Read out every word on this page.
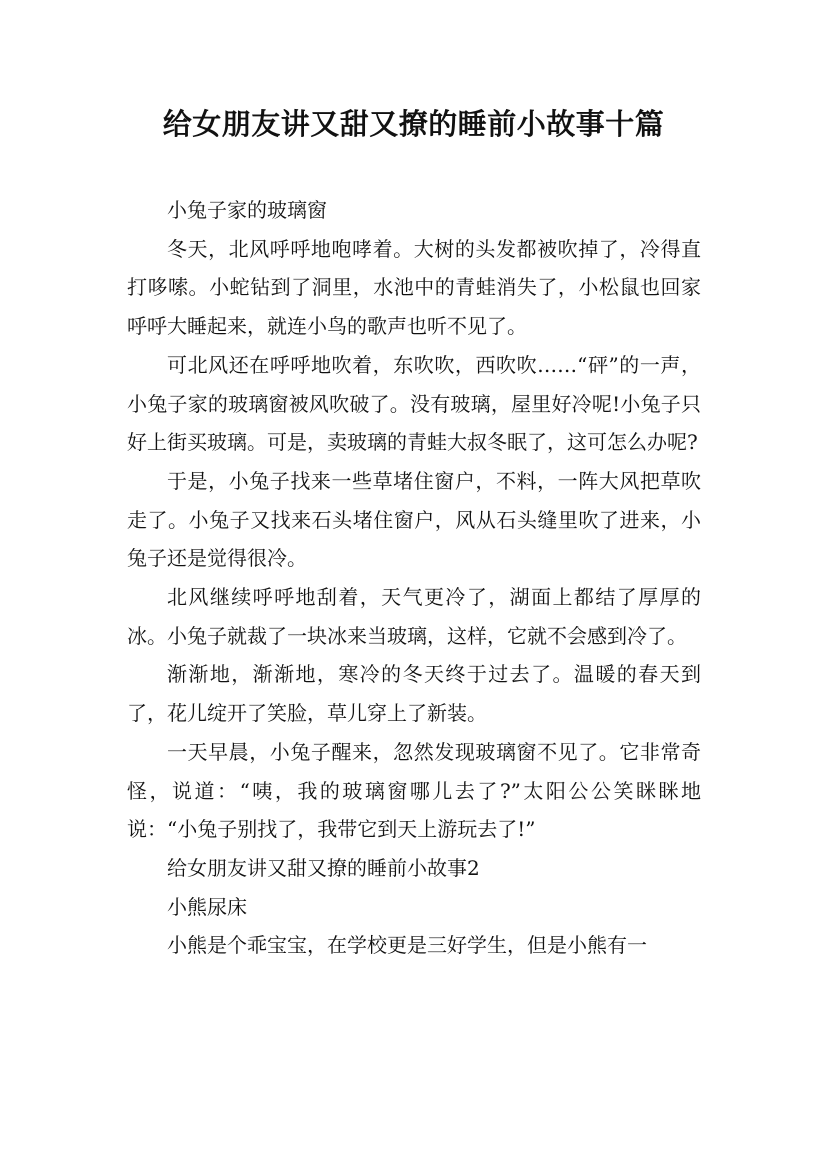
给女朋友讲又甜又撩的睡前小故事十篇

小兔子家的玻璃窗

冬天，北风呼呼地咆哮着。大树的头发都被吹掉了，冷得直打哆嗦。小蛇钻到了洞里，水池中的青蛙消失了，小松鼠也回家呼呼大睡起来，就连小鸟的歌声也听不见了。

可北风还在呼呼地吹着，东吹吹，西吹吹……“砰”的一声，小兔子家的玻璃窗被风吹破了。没有玻璃，屋里好冷呢!小兔子只好上街买玻璃。可是，卖玻璃的青蛙大叔冬眠了，这可怎么办呢?

于是，小兔子找来一些草堵住窗户，不料，一阵大风把草吹走了。小兔子又找来石头堵住窗户，风从石头缝里吹了进来，小兔子还是觉得很冷。

北风继续呼呼地刮着，天气更冷了，湖面上都结了厚厚的冰。小兔子就裁了一块冰来当玻璃，这样，它就不会感到冷了。

渐渐地，渐渐地，寒冷的冬天终于过去了。温暖的春天到了，花儿绽开了笑脸，草儿穿上了新装。

一天早晨，小兔子醒来，忽然发现玻璃窗不见了。它非常奇怪，说道：“咦，我的玻璃窗哪儿去了?”太阳公公笑眯眯地说：“小兔子别找了，我带它到天上游玩去了!”

给女朋友讲又甜又撩的睡前小故事2

小熊尿床

小熊是个乖宝宝，在学校更是三好学生，但是小熊有一
